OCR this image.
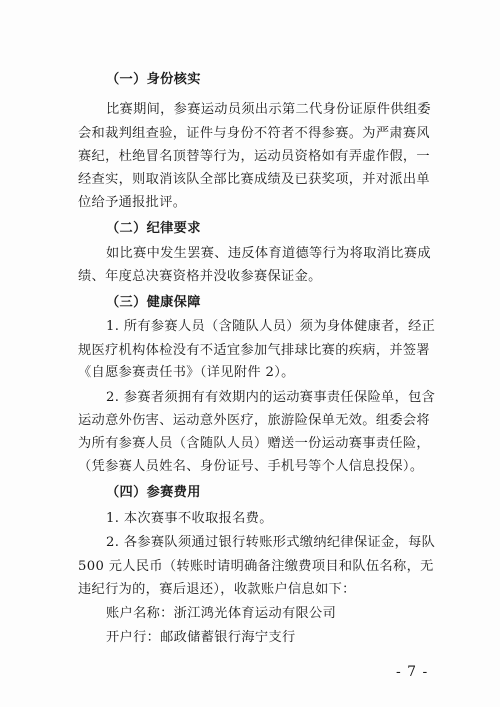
（一）身份核实
比赛期间，参赛运动员须出示第二代身份证原件供组委
会和裁判组查验，证件与身份不符者不得参赛。为严肃赛风
赛纪，杜绝冒名顶替等行为，运动员资格如有弄虚作假，一
经查实，则取消该队全部比赛成绩及已获奖项，并对派出单
位给予通报批评。
（二）纪律要求
如比赛中发生罢赛、违反体育道德等行为将取消比赛成
绩、年度总决赛资格并没收参赛保证金。
（三）健康保障
1. 所有参赛人员（含随队人员）须为身体健康者，经正
规医疗机构体检没有不适宜参加气排球比赛的疾病，并签署
《自愿参赛责任书》（详见附件 2）。
2. 参赛者须拥有有效期内的运动赛事责任保险单，包含
运动意外伤害、运动意外医疗，旅游险保单无效。组委会将
为所有参赛人员（含随队人员）赠送一份运动赛事责任险，
（凭参赛人员姓名、身份证号、手机号等个人信息投保）。
（四）参赛费用
1. 本次赛事不收取报名费。
2. 各参赛队须通过银行转账形式缴纳纪律保证金，每队
- 7 -
500 元人民币（转账时请明确备注缴费项目和队伍名称，无
违纪行为的，赛后退还），收款账户信息如下：
账户名称：浙江鸿光体育运动有限公司
开户行：邮政储蓄银行海宁支行
